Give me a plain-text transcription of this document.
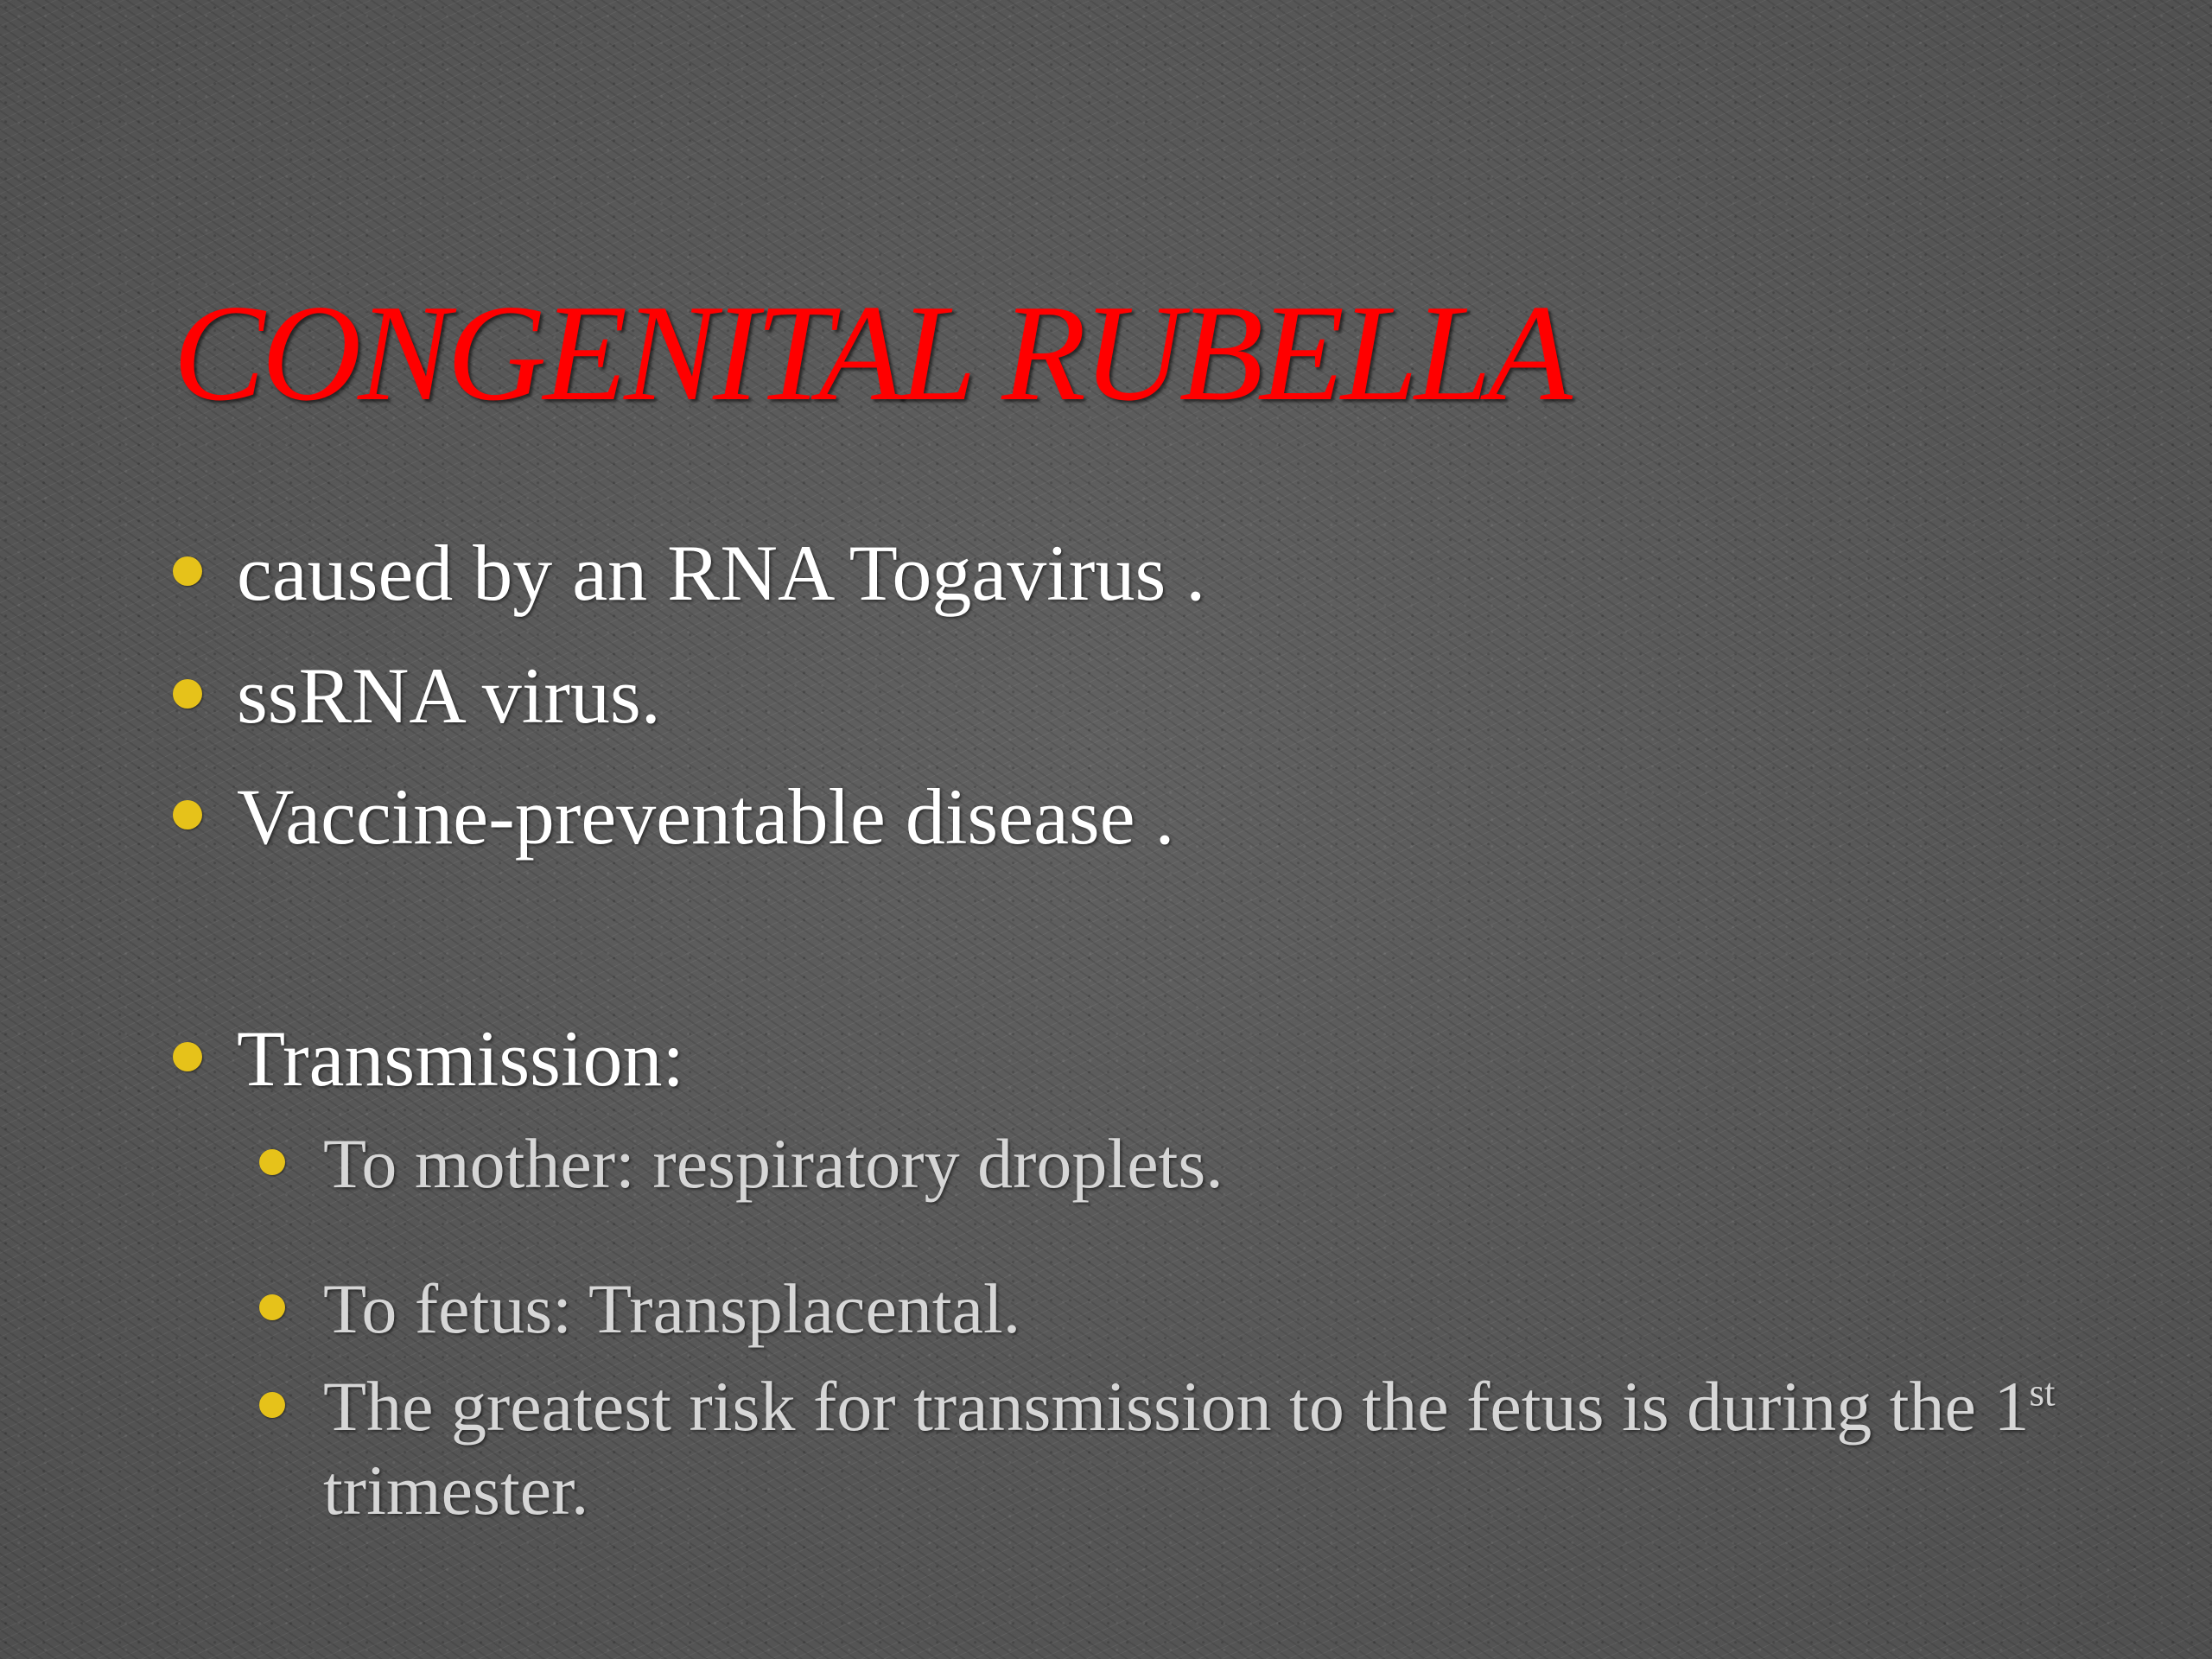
CONGENITAL RUBELLA
caused by an RNA Togavirus .
ssRNA virus.
Vaccine-preventable disease .
Transmission:
To mother: respiratory droplets.
To fetus: Transplacental.
The greatest risk for transmission to the fetus is during the 1st trimester.
